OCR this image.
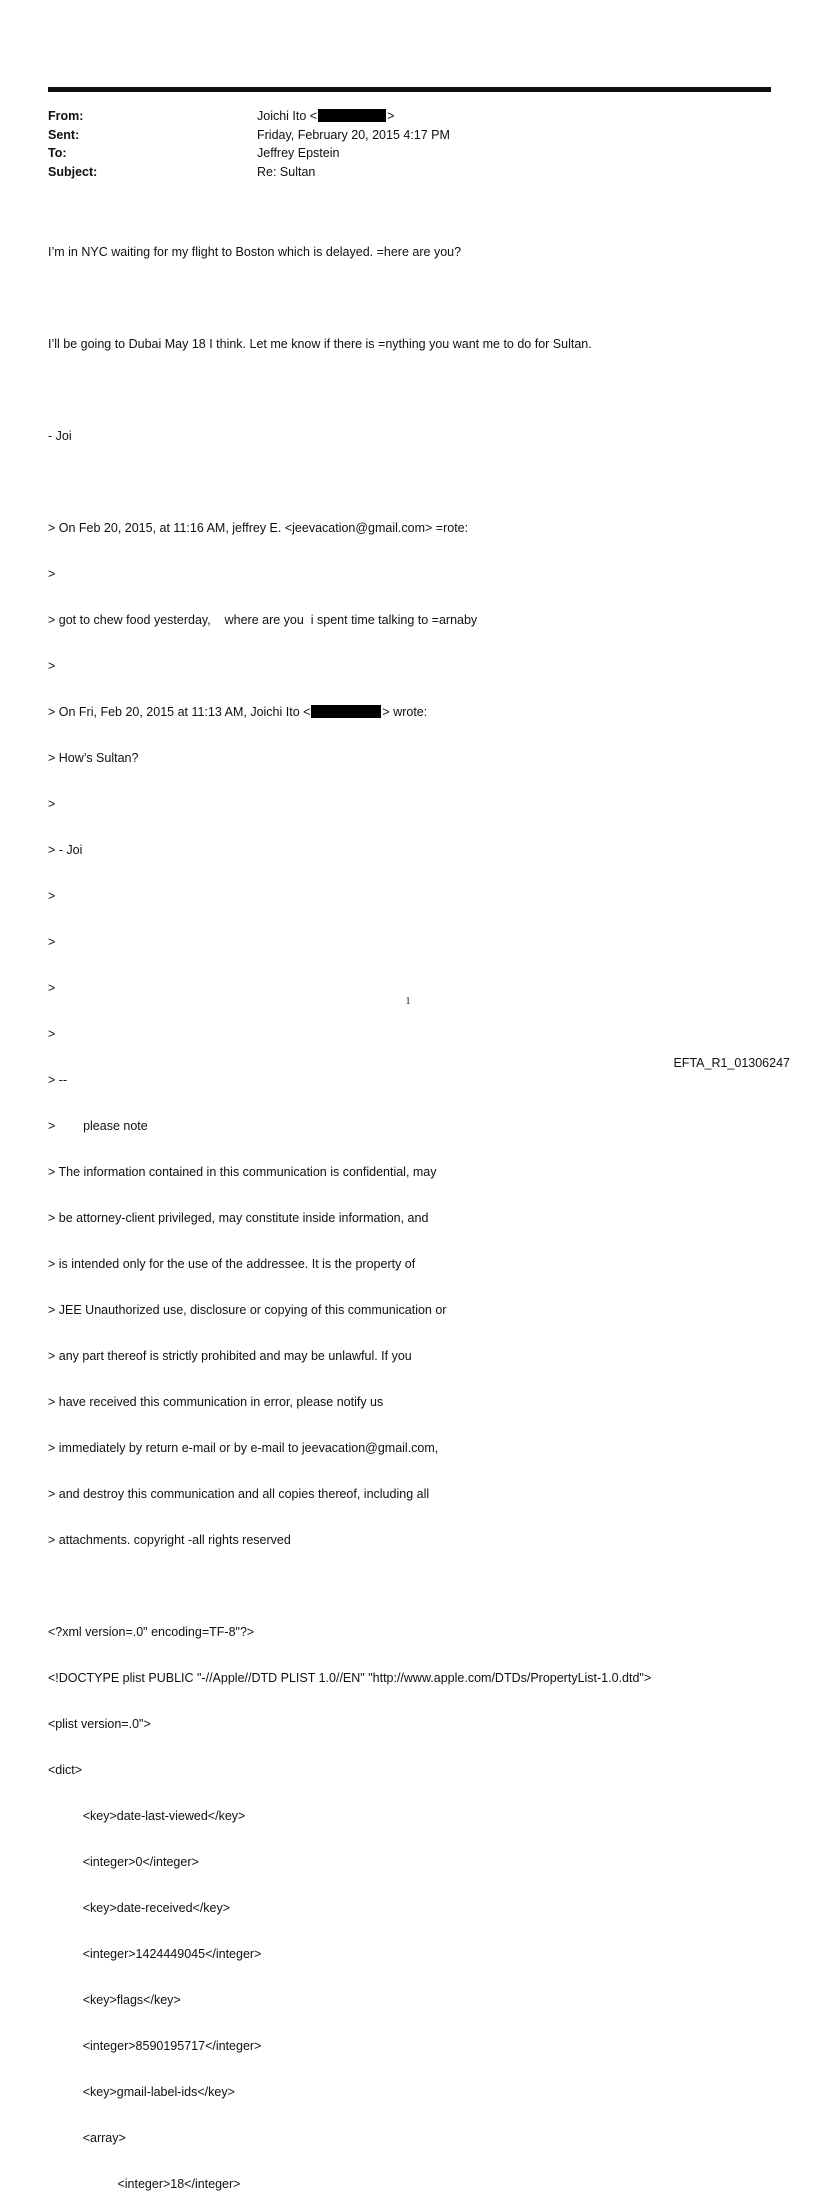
From:	Joichi Ito <	>
Sent:	Friday, February 20, 2015 4:17 PM
To:	Jeffrey Epstein
Subject:	Re: Sultan

I’m in NYC waiting for my flight to Boston which is delayed. =here are you?

I’ll be going to Dubai May 18 I think. Let me know if there is =nything you want me to do for Sultan.

- Joi

> On Feb 20, 2015, at 11:16 AM, jeffrey E. <jeevacation@gmail.com> =rote:

>

> got to chew food yesterday,    where are you  i spent time talking to =arnaby

>

> On Fri, Feb 20, 2015 at 11:13 AM, Joichi Ito <	> wrote:

> How’s Sultan?

>

> - Joi

>

>

>

>

> --

>        please note

> The information contained in this communication is confidential, may

> be attorney-client privileged, may constitute inside information, and

> is intended only for the use of the addressee. It is the property of

> JEE Unauthorized use, disclosure or copying of this communication or

> any part thereof is strictly prohibited and may be unlawful. If you

> have received this communication in error, please notify us

> immediately by return e-mail or by e-mail to jeevacation@gmail.com,

> and destroy this communication and all copies thereof, including all

> attachments. copyright -all rights reserved

<?xml version=.0" encoding=TF-8"?>

<!DOCTYPE plist PUBLIC "-//Apple//DTD PLIST 1.0//EN" "http://www.apple.com/DTDs/PropertyList-1.0.dtd">

<plist version=.0">

<dict>

<key>date-last-viewed</key>

<integer>0</integer>

<key>date-received</key>

<integer>1424449045</integer>

<key>flags</key>

<integer>8590195717</integer>

<key>gmail-label-ids</key>

<array>

<integer>18</integer>

1
EFTA_R1_01306247
